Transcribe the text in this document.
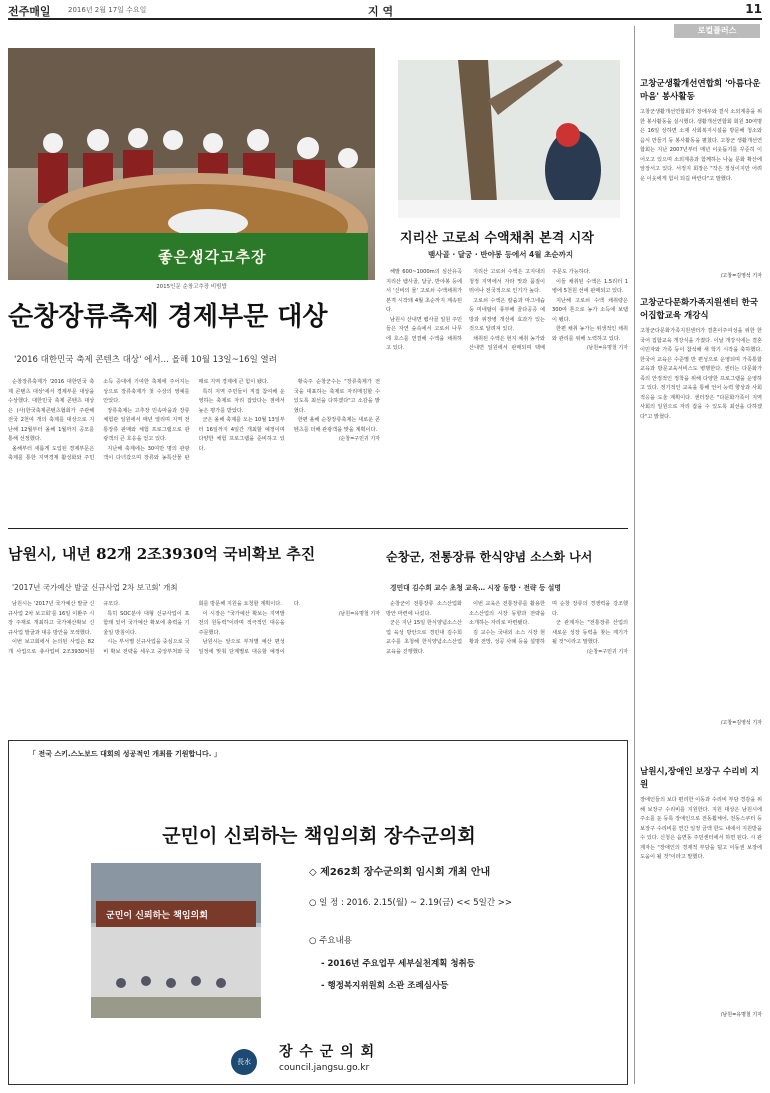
전주매일 2016년 2월 17일 수요일	지 역	11
좋은생각고추장
2015인문 순창고추장 비빔밥
순창장류축제 경제부문 대상
'2016 대한민국 축제 콘텐츠 대상' 에서… 올해 10월 13일~16일 열려

순창장류축제가 '2016 대한민국 축제 콘텐츠 대상'에서 경제부문 대상을 수상했다. 대한민국 축제 콘텐츠 대상은 (사)한국축제콘텐츠협회가 주관해 전국 2천여 개의 축제를 대상으로 지난해 12월부터 올해 1월까지 공모를 통해 선정했다.

올해부터 새롭게 도입된 경제부문은 축제를 통한 지역경제 활성화와 주민소득 증대에 기여한 축제에 주어지는 상으로 장류축제가 첫 수상의 영예를 안았다.

장류축제는 고추장 민속마을과 장류체험관 일원에서 매년 열리며 지역 전통장류 판매와 체험 프로그램으로 관광객의 큰 호응을 얻고 있다.

지난해 축제에는 30여만 명의 관광객이 다녀갔으며 장류와 농특산물 판매로 지역 경제에 큰 힘이 됐다.

특히 지역 주민들이 직접 참여해 운영하는 축제로 자리 잡았다는 점에서 높은 평가를 받았다.

군은 올해 축제를 오는 10월 13일부터 16일까지 4일간 개최할 예정이며 다양한 체험 프로그램을 준비하고 있다.

황숙주 순창군수는 "장류축제가 전국을 대표하는 축제로 자리매김할 수 있도록 최선을 다하겠다"고 소감을 밝혔다.

한편 올해 순창장류축제는 새로운 콘텐츠를 더해 관광객을 맞을 계획이다.

/순창=구민귀 기자
지리산 고로쇠 수액채취 본격 시작
뱀사골 · 달궁 · 반야봉 등에서 4월 초순까지

해발 600~1000m의 심산유곡 지리산 뱀사골, 달궁, 반야봉 등에서 '신비의 물' 고로쇠 수액채취가 본격 시작돼 4월 초순까지 계속된다.

남원시 산내면 뱀사골 일원 주민들은 자연 숲속에서 고로쇠 나무에 호스를 연결해 수액을 채취하고 있다.

지리산 고로쇠 수액은 고지대의 청정 지역에서 자라 맛과 품질이 뛰어나 전국적으로 인기가 높다.

고로쇠 수액은 칼슘과 마그네슘 등 미네랄이 풍부해 골다공증 예방과 위장병 개선에 효과가 있는 것으로 알려져 있다.

채취된 수액은 현지 채취 농가와 산내면 일원에서 판매되며 택배 주문도 가능하다.

이들 채취된 수액은 1.5리터 1병에 5천원 선에 판매되고 있다.

지난해 고로쇠 수액 채취량은 300여 톤으로 농가 소득에 보탬이 됐다.

한편 채취 농가는 위생적인 채취와 관리를 위해 노력하고 있다.

/남원=유명철 기자
남원시, 내년 82개 2조3930억 국비확보 추진
'2017년 국가예산 발굴 신규사업 2차 보고회' 개최

남원시는 '2017년 국가예산 발굴 신규사업 2차 보고회'를 16일 이환주 시장 주재로 개최하고 국가예산확보 신규사업 발굴과 대응 방안을 모색했다.

이번 보고회에서 논의된 사업은 82개 사업으로 총사업비 2조3930억원 규모다.

특히 SOC분야 대형 신규사업이 포함돼 있어 국가예산 확보에 총력을 기울일 방침이다.

시는 부서별 신규사업을 중심으로 국비 확보 전략을 세우고 중앙부처와 국회를 방문해 지원을 요청할 계획이다.

이 시장은 "국가예산 확보는 지역발전의 원동력"이라며 적극적인 대응을 주문했다.

남원시는 앞으로 부처별 예산 편성 일정에 맞춰 단계별로 대응할 예정이다.

/남원=유명철 기자
순창군, 전통장류 한식양념 소스화 나서
경민대 김수희 교수 초청 교육… 시장 동향 · 전략 등 설명

순창군이 전통장류 소스산업화 방안 마련에 나섰다.

군은 지난 15일 한식양념소스산업 육성 방안으로 경민대 김수희 교수를 초청해 한식양념소스산업 교육을 진행했다.

이번 교육은 전통장류를 활용한 소스산업의 시장 동향과 전략을 소개하는 자리로 마련됐다.

김 교수는 국내외 소스 시장 현황과 전망, 성공 사례 등을 설명하며 순창 장류의 경쟁력을 강조했다.

군 관계자는 "전통장류 산업의 새로운 성장 동력을 찾는 계기가 될 것"이라고 말했다.

/순창=구민귀 기자
「 전국 스키.스노보드 대회의 성공적인 개최를 기원합니다. 」
군민이 신뢰하는 책임의회 장수군의회
군민이 신뢰하는 책임의회
◇ 제262회 장수군의회 임시회 개최 안내
○ 일 정 : 2016. 2.15(월) ~ 2.19(금) << 5일간 >>
○ 주요내용
- 2016년 주요업무 세부실천계획 청취등
- 행정복지위원회 소관 조례심사등
長水
장 수 군 의 회
council.jangsu.go.kr
로컬플러스
고창군생활개선연합회 '아름다운 마음' 봉사활동
고창군생활개선연합회가 장애우와 결식 소외계층을 위한 봉사활동을 실시했다. 생활개선연합회 회원 30여명은 16일 상하면 소재 사회복지시설을 방문해 청소와 음식 만들기 등 봉사활동을 펼쳤다. 고창군 생활개선연합회는 지난 2007년부터 매년 이웃돕기를 꾸준히 이어오고 있으며 소외계층과 함께하는 나눔 문화 확산에 앞장서고 있다. 서정지 회장은 "작은 정성이지만 어려운 이웃에게 힘이 되길 바란다"고 말했다.
/고창=김영석 기자
고창군다문화가족지원센터 한국어집합교육 개강식
고창군다문화가족지원센터가 결혼이주여성을 위한 한국어 집합교육 개강식을 가졌다. 이날 개강식에는 결혼이민자와 가족 등이 참석해 새 학기 시작을 축하했다. 한국어 교육은 수준별 반 편성으로 운영되며 가족통합교육과 방문교육서비스도 병행한다. 센터는 다문화가족의 안정적인 정착을 위해 다양한 프로그램을 운영하고 있다. 정기적인 교육을 통해 언어 능력 향상과 사회 적응을 도울 계획이다. 센터장은 "다문화가족이 지역사회의 일원으로 자리 잡을 수 있도록 최선을 다하겠다"고 밝혔다.
/고창=김영석 기자
남원시,장애인 보장구 수리비 지원
장애인들의 보다 편리한 이동과 수리비 부담 경감을 위해 보장구 수리비를 지원한다. 지원 대상은 남원시에 주소를 둔 등록 장애인으로 전동휠체어, 전동스쿠터 등 보장구 수리비를 연간 일정 금액 한도 내에서 지원받을 수 있다. 신청은 읍면동 주민센터에서 하면 된다. 시 관계자는 "장애인의 경제적 부담을 덜고 이동권 보장에 도움이 될 것"이라고 말했다.
/남원=유명철 기자
